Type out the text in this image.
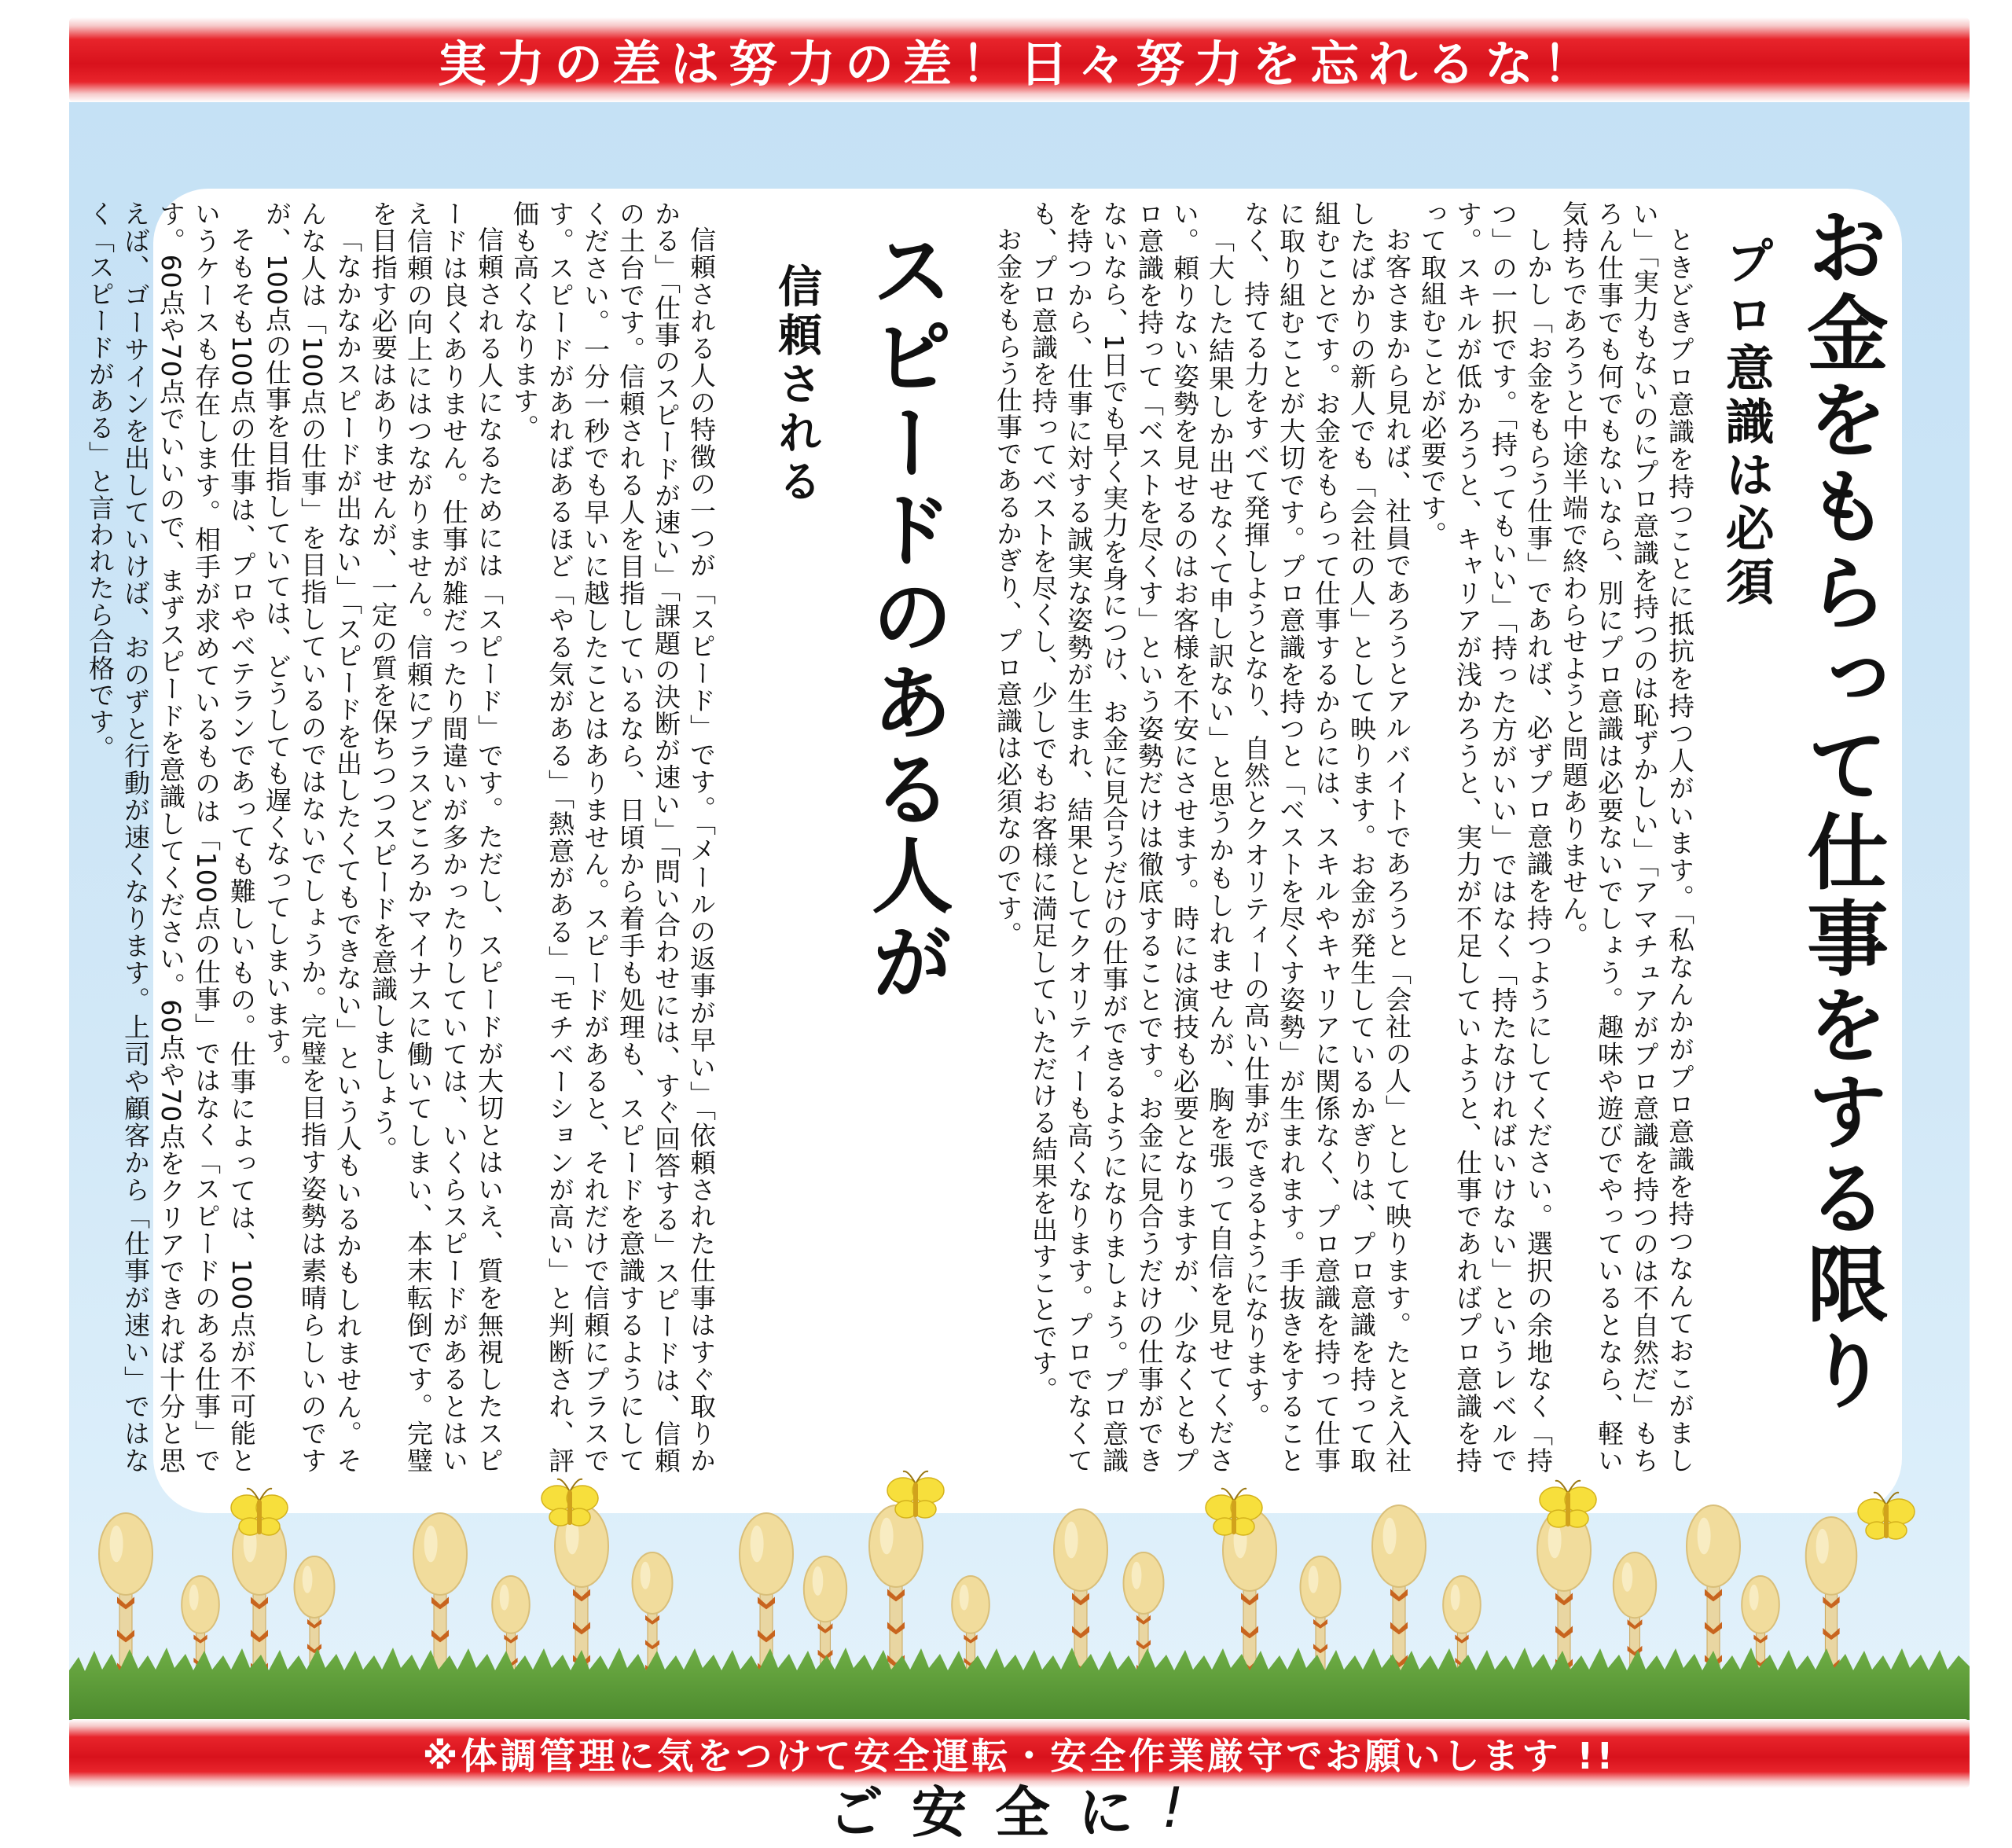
実力の差は努力の差！日々努力を忘れるな！
お金をもらって仕事をする限り
プロ意識は必須

ときどきプロ意識を持つことに抵抗を持つ人がいます。「私なんかがプロ意識を持つなんておこがましい」「実力もないのにプロ意識を持つのは恥ずかしい」「アマチュアがプロ意識を持つのは不自然だ」もちろん仕事でも何でもないなら、別にプロ意識は必要ないでしょう。趣味や遊びでやっているとなら、軽い気持ちであろうと中途半端で終わらせようと問題ありません。

しかし「お金をもらう仕事」であれば、必ずプロ意識を持つようにしてください。選択の余地なく「持つ」の一択です。「持ってもいい」「持った方がいい」ではなく「持たなければいけない」というレベルです。スキルが低かろうと、キャリアが浅かろうと、実力が不足していようと、仕事であればプロ意識を持って取組むことが必要です。

お客さまから見れば、社員であろうとアルバイトであろうと「会社の人」として映ります。たとえ入社したばかりの新人でも「会社の人」として映ります。お金が発生しているかぎりは、プロ意識を持って取組むことです。お金をもらって仕事するからには、スキルやキャリアに関係なく、プロ意識を持って仕事に取り組むことが大切です。プロ意識を持つと「ベストを尽くす姿勢」が生まれます。手抜きをすることなく、持てる力をすべて発揮しようとなり、自然とクオリティーの高い仕事ができるようになります。

「大した結果しか出せなくて申し訳ない」と思うかもしれませんが、胸を張って自信を見せてください。頼りない姿勢を見せるのはお客様を不安にさせます。時には演技も必要となりますが、少なくともプロ意識を持って「ベストを尽くす」という姿勢だけは徹底することです。お金に見合うだけの仕事ができないなら、1日でも早く実力を身につけ、お金に見合うだけの仕事ができるようになりましょう。プロ意識を持つから、仕事に対する誠実な姿勢が生まれ、結果としてクオリティーも高くなります。プロでなくても、プロ意識を持ってベストを尽くし、少しでもお客様に満足していただける結果を出すことです。

お金をもらう仕事であるかぎり、プロ意識は必須なのです。

スピードのある人が
信頼される

信頼される人の特徴の一つが「スピード」です。「メールの返事が早い」「依頼された仕事はすぐ取りかかる」「仕事のスピードが速い」「課題の決断が速い」「問い合わせには、すぐ回答する」スピードは、信頼の土台です。信頼される人を目指しているなら、日頃から着手も処理も、スピードを意識するようにしてください。一分一秒でも早いに越したことはありません。スピードがあると、それだけで信頼にプラスです。スピードがあればあるほど「やる気がある」「熱意がある」「モチベーションが高い」と判断され、評価も高くなります。

信頼される人になるためには「スピード」です。ただし、スピードが大切とはいえ、質を無視したスピードは良くありません。仕事が雑だったり間違いが多かったりしていては、いくらスピードがあるとはいえ信頼の向上にはつながりません。信頼にプラスどころかマイナスに働いてしまい、本末転倒です。完璧を目指す必要はありませんが、一定の質を保ちつつスピードを意識しましょう。

「なかなかスピードが出ない」「スピードを出したくてもできない」という人もいるかもしれません。そんな人は「100点の仕事」を目指しているのではないでしょうか。完璧を目指す姿勢は素晴らしいのですが、100点の仕事を目指していては、どうしても遅くなってしまいます。

そもそも100点の仕事は、プロやベテランであっても難しいもの。仕事によっては、100点が不可能というケースも存在します。相手が求めているものは「100点の仕事」ではなく「スピードのある仕事」です。60点や70点でいいので、まずスピードを意識してください。60点や70点をクリアできれば十分と思えば、ゴーサインを出していけば、おのずと行動が速くなります。上司や顧客から「仕事が速い」ではなく「スピードがある」と言われたら合格です。

※体調管理に気をつけて安全運転・安全作業厳守でお願いします !!
ご安全に !
